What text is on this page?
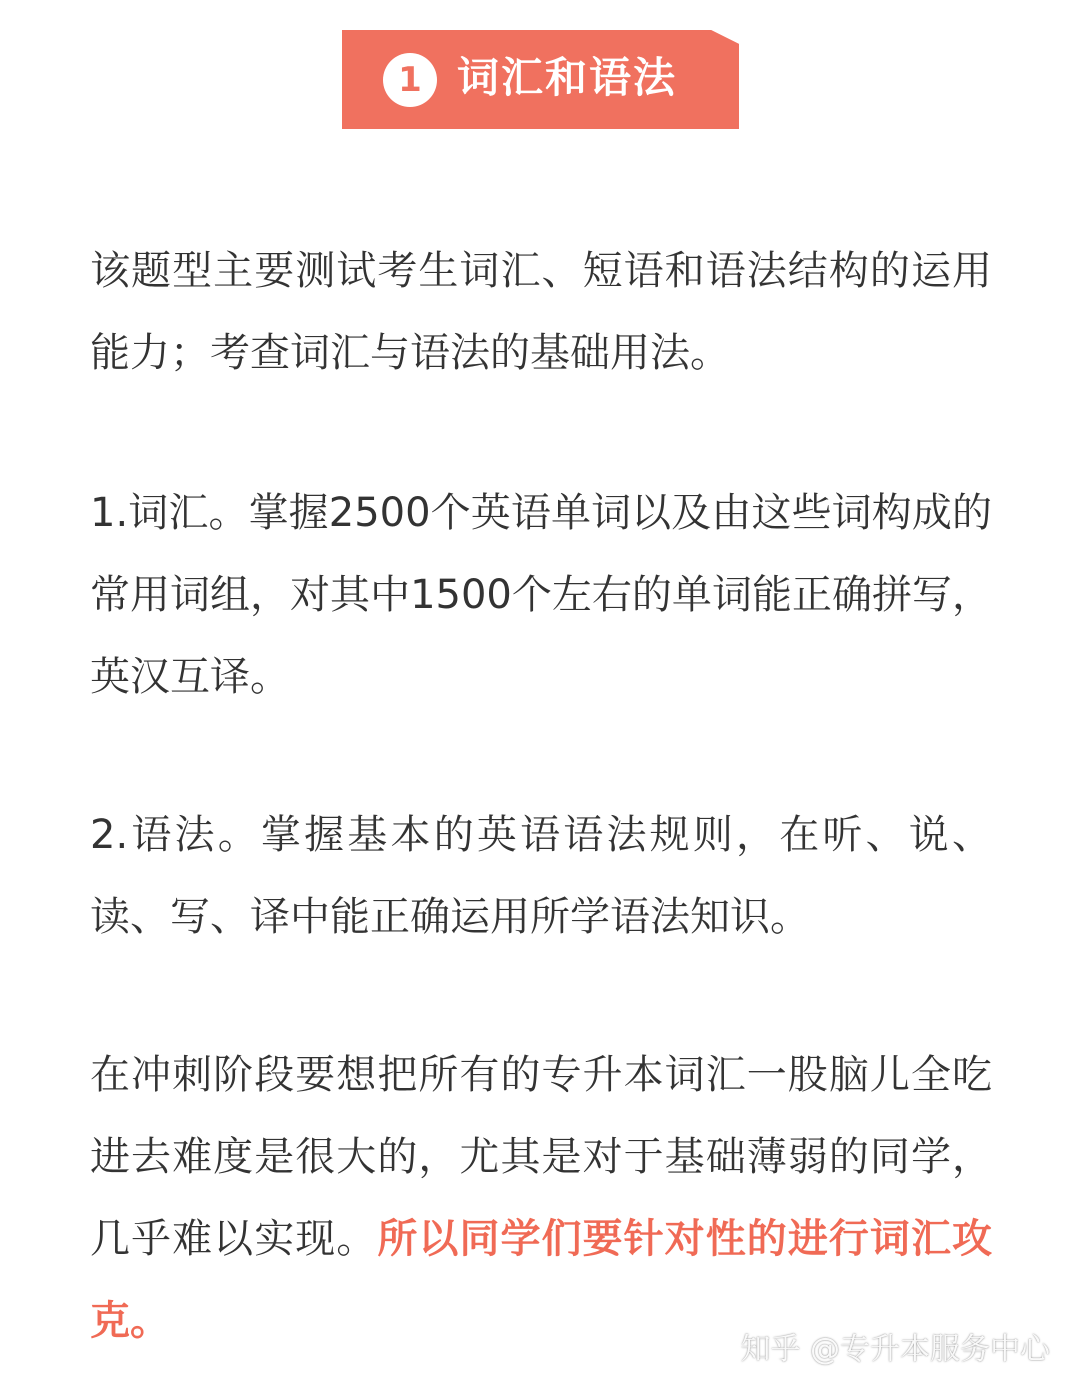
1 词汇和语法

该题型主要测试考生词汇、短语和语法结构的运用能力；考查词汇与语法的基础用法。

1.词汇。掌握2500个英语单词以及由这些词构成的常用词组，对其中1500个左右的单词能正确拼写，英汉互译。

2.语法。掌握基本的英语语法规则，在听、说、读、写、译中能正确运用所学语法知识。

在冲刺阶段要想把所有的专升本词汇一股脑儿全吃进去难度是很大的，尤其是对于基础薄弱的同学，几乎难以实现。所以同学们要针对性的进行词汇攻克。

知乎 @专升本服务中心
